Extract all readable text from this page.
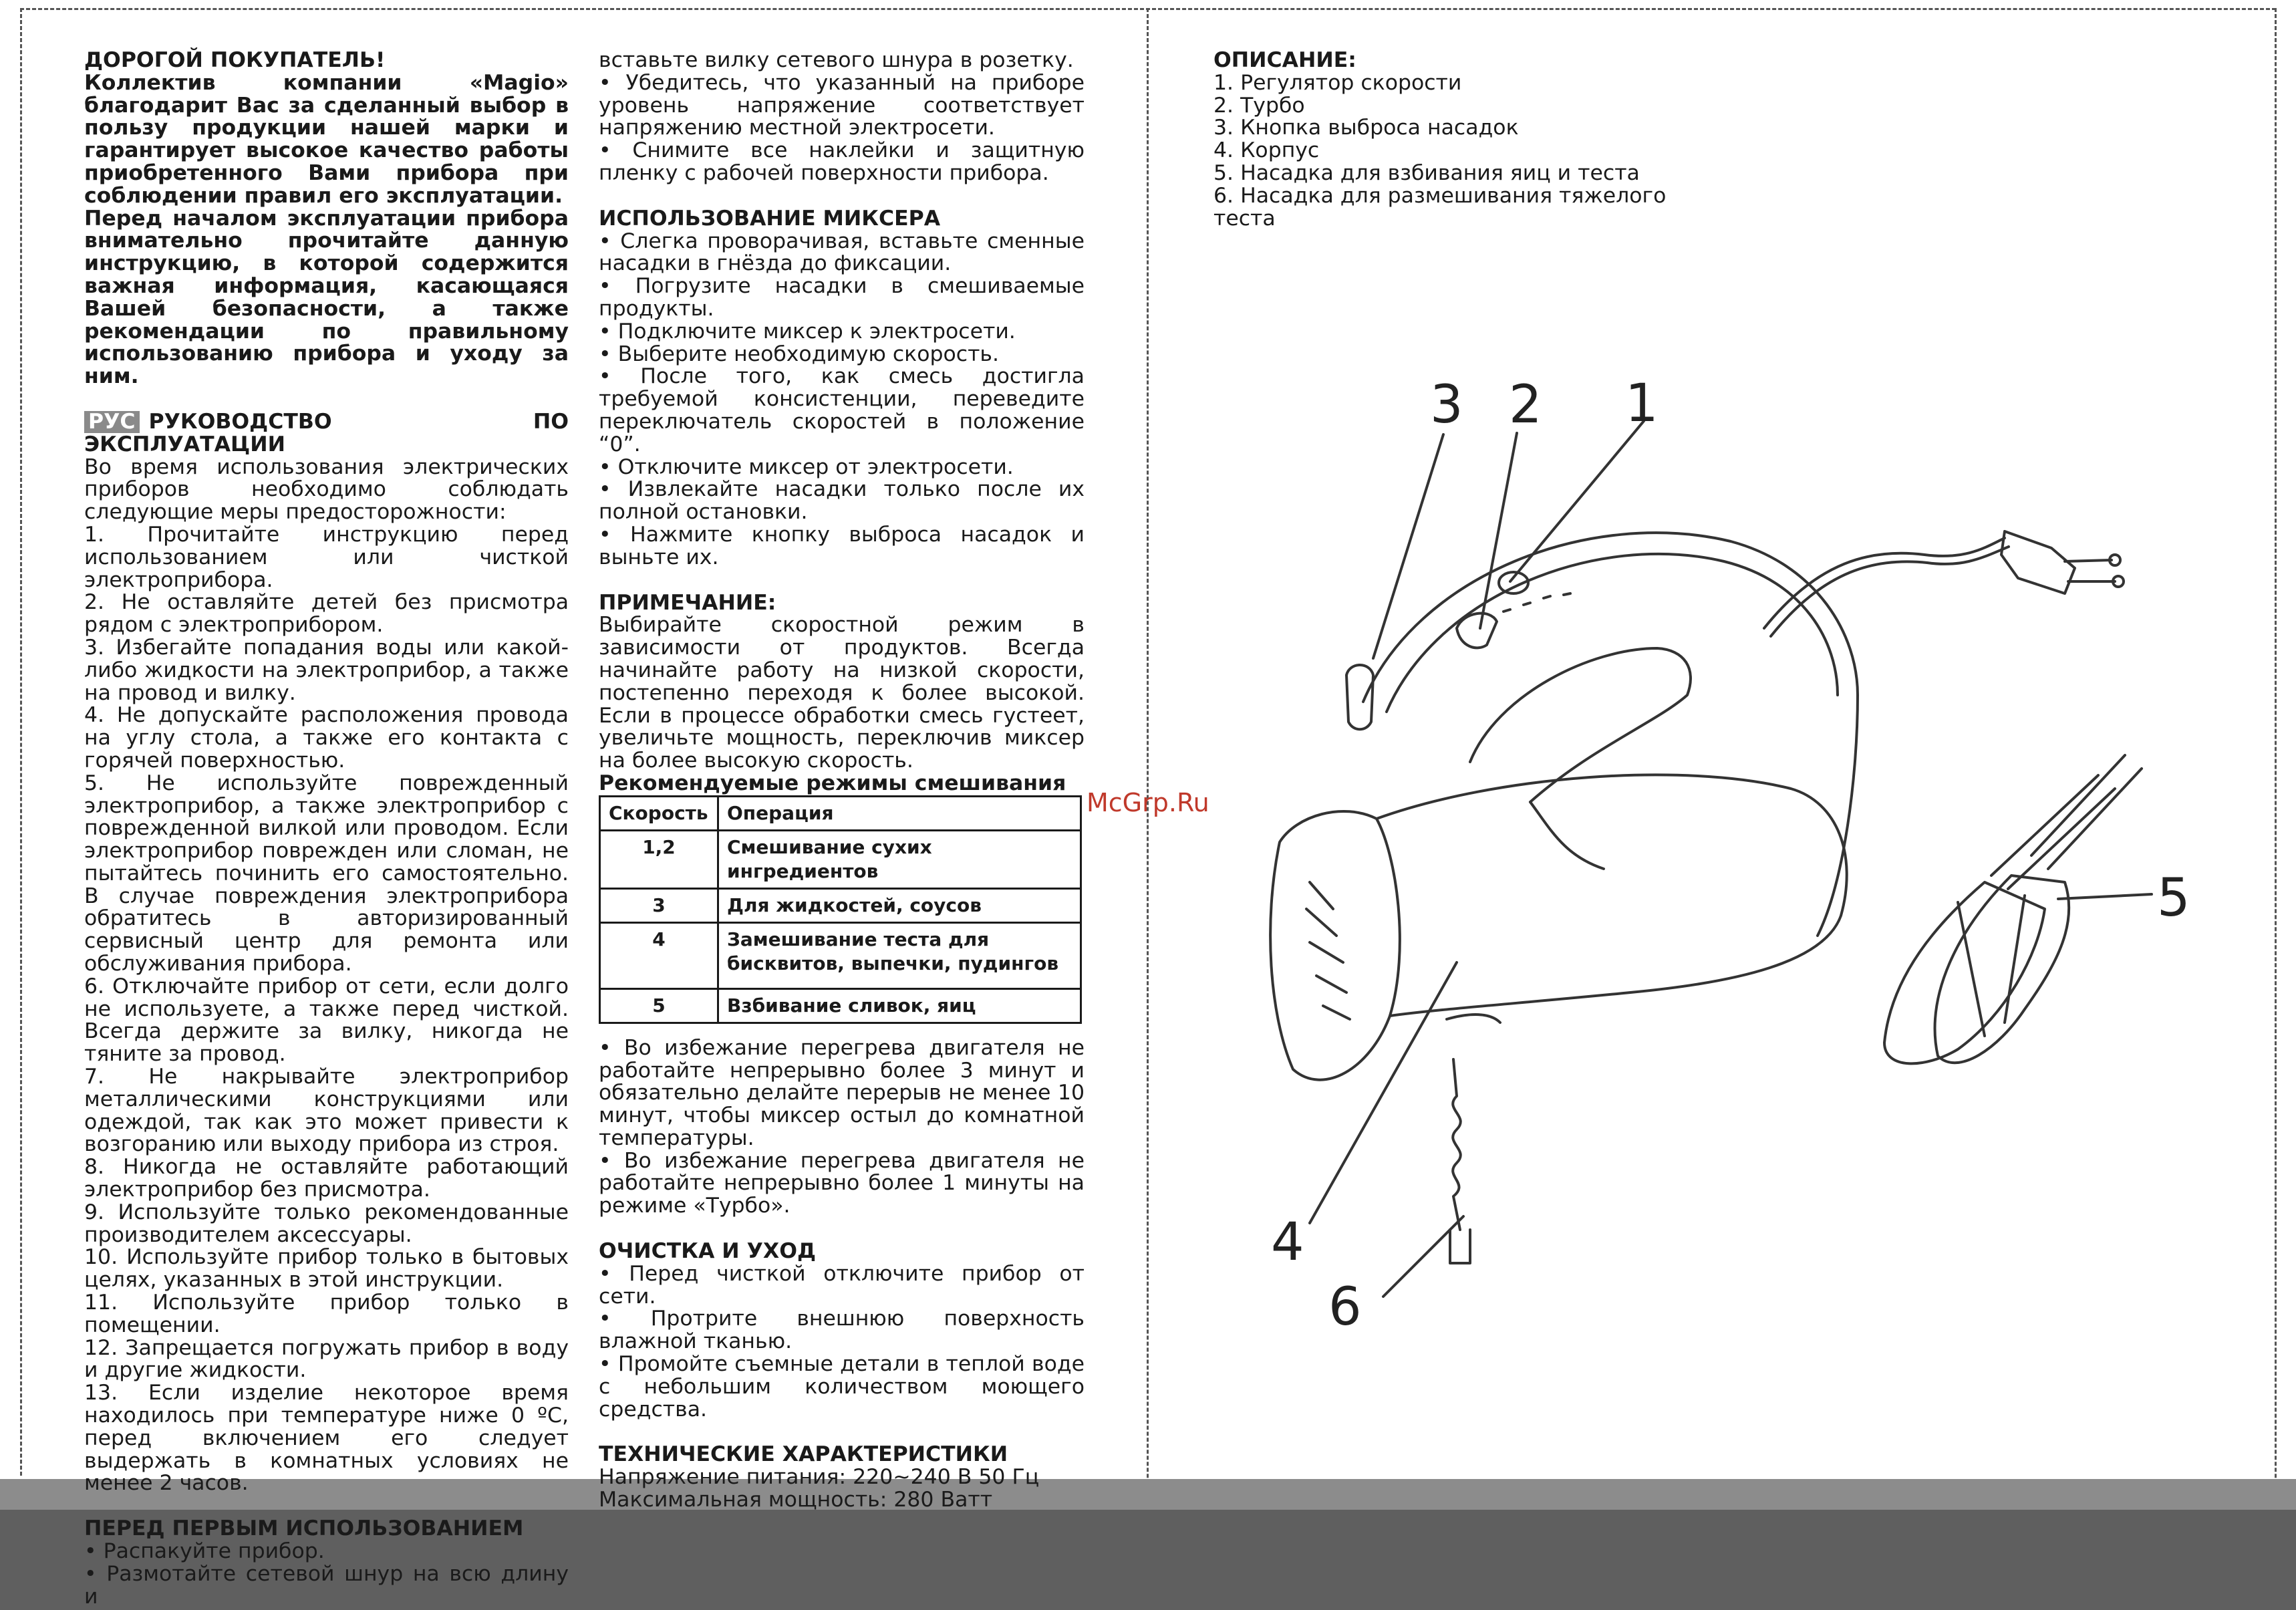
ДОРОГОЙ ПОКУПАТЕЛЬ!

Коллектив компании «Magio» благодарит Вас за сделанный выбор в пользу продукции нашей марки и гарантирует высокое качество работы приобретенного Вами прибора при соблюдении правил его эксплуатации.

Перед началом эксплуатации прибора внимательно прочитайте данную инструкцию, в которой содержится важная информация, касающаяся Вашей безопасности, а также рекомендации по правильному использованию прибора и уходу за ним.

РУС РУКОВОДСТВО ПО ЭКСПЛУАТАЦИИ

Во время использования электрических приборов необходимо соблюдать следующие меры предосторожности:

1. Прочитайте инструкцию перед использованием или чисткой электроприбора.

2. Не оставляйте детей без присмотра рядом с электроприбором.

3. Избегайте попадания воды или какой-либо жидкости на электроприбор, а также на провод и вилку.

4. Не допускайте расположения провода на углу стола, а также его контакта с горячей поверхностью.

5. Не используйте поврежденный электроприбор, а также электроприбор с поврежденной вилкой или проводом. Если электроприбор поврежден или сломан, не пытайтесь починить его самостоятельно. В случае повреждения электроприбора обратитесь в авторизированный сервисный центр для ремонта или обслуживания прибора.

6. Отключайте прибор от сети, если долго не используете, а также перед чисткой. Всегда держите за вилку, никогда не тяните за провод.

7. Не накрывайте электроприбор металлическими конструкциями или одеждой, так как это может привести к возгоранию или выходу прибора из строя.

8. Никогда не оставляйте работающий электроприбор без присмотра.

9. Используйте только рекомендованные производителем аксессуары.

10. Используйте прибор только в бытовых целях, указанных в этой инструкции.

11. Используйте прибор только в помещении.

12. Запрещается погружать прибор в воду и другие жидкости.

13. Если изделие некоторое время находилось при температуре ниже 0 ºС, перед включением его следует выдержать в комнатных условиях не менее 2 часов.

ПЕРЕД ПЕРВЫМ ИСПОЛЬЗОВАНИЕМ

• Распакуйте прибор.

• Размотайте сетевой шнур на всю длину и

вставьте вилку сетевого шнура в розетку.

• Убедитесь, что указанный на приборе уровень напряжение соответствует напряжению местной электросети.

• Снимите все наклейки и защитную пленку с рабочей поверхности прибора.

ИСПОЛЬЗОВАНИЕ МИКСЕРА

• Слегка проворачивая, вставьте сменные насадки в гнёзда до фиксации.

• Погрузите насадки в смешиваемые продукты.

• Подключите миксер к электросети.

• Выберите необходимую скорость.

• После того, как смесь достигла требуемой консистенции, переведите переключатель скоростей в положение “0”.

• Отключите миксер от электросети.

• Извлекайте насадки только после их полной остановки.

• Нажмите кнопку выброса насадок и выньте их.

ПРИМЕЧАНИЕ:

Выбирайте скоростной режим в зависимости от продуктов. Всегда начинайте работу на низкой скорости, постепенно переходя к более высокой. Если в процессе обработки смесь густеет, увеличьте мощность, переключив миксер на более высокую скорость.

Рекомендуемые режимы смешивания

Скорость	Операция
1,2	Смешивание сухих ингредиентов
3	Для жидкостей, соусов
4	Замешивание теста для бисквитов, выпечки, пудингов
5	Взбивание сливок, яиц

• Во избежание перегрева двигателя не работайте непрерывно более 3 минут и обязательно делайте перерыв не менее 10 минут, чтобы миксер остыл до комнатной температуры.

• Во избежание перегрева двигателя не работайте непрерывно более 1 минуты на режиме «Турбо».

ОЧИСТКА И УХОД

• Перед чисткой отключите прибор от сети.

• Протрите внешнюю поверхность влажной тканью.

• Промойте съемные детали в теплой воде с небольшим количеством моющего средства.

ТЕХНИЧЕСКИЕ ХАРАКТЕРИСТИКИ

Напряжение питания: 220~240 В 50 Гц

Максимальная мощность: 280 Ватт

ОПИСАНИЕ:

1. Регулятор скорости

2. Турбо

3. Кнопка выброса насадок

4. Корпус

5. Насадка для взбивания яиц и теста

6. Насадка для размешивания тяжелого теста

McGrp.Ru
3 2 1
5
4
6
